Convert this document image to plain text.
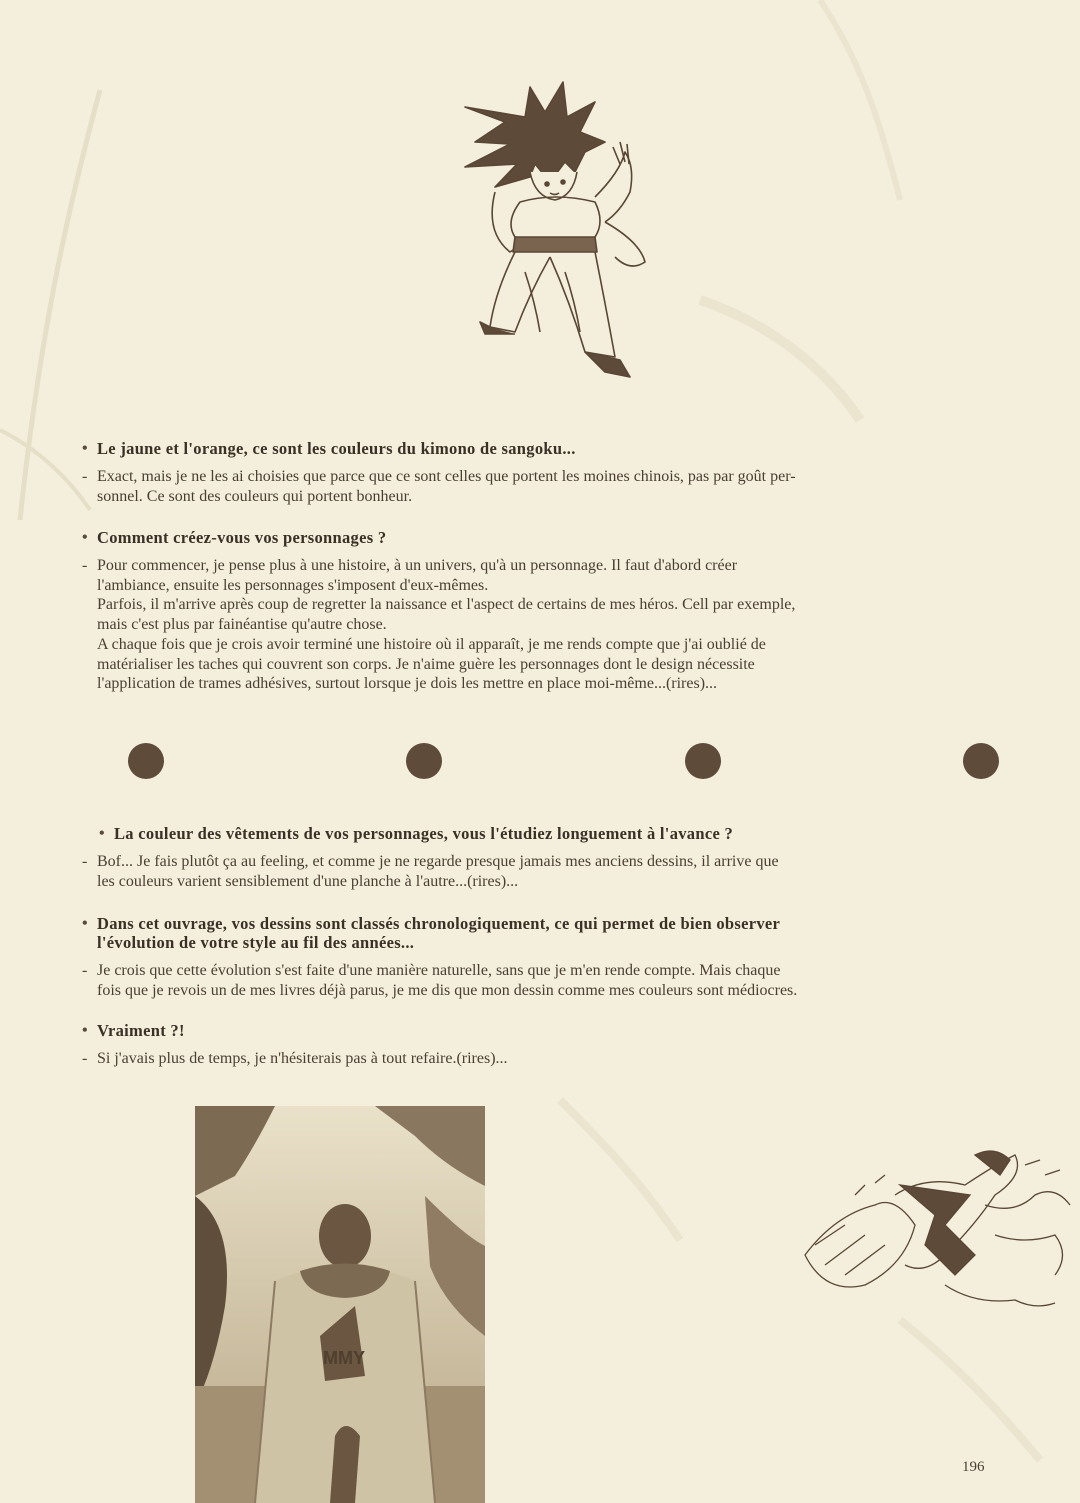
• Le jaune et l'orange, ce sont les couleurs du kimono de sangoku...

- Exact, mais je ne les ai choisies que parce que ce sont celles que portent les moines chinois, pas par goût per-
sonnel. Ce sont des couleurs qui portent bonheur.

• Comment créez-vous vos personnages ?

- Pour commencer, je pense plus à une histoire, à un univers, qu'à un personnage. Il faut d'abord créer
l'ambiance, ensuite les personnages s'imposent d'eux-mêmes.
Parfois, il m'arrive après coup de regretter la naissance et l'aspect de certains de mes héros. Cell par exemple,
mais c'est plus par fainéantise qu'autre chose.
A chaque fois que je crois avoir terminé une histoire où il apparaît, je me rends compte que j'ai oublié de
matérialiser les taches qui couvrent son corps. Je n'aime guère les personnages dont le design nécessite
l'application de trames adhésives, surtout lorsque je dois les mettre en place moi-même...(rires)...

• La couleur des vêtements de vos personnages, vous l'étudiez longuement à l'avance ?

- Bof... Je fais plutôt ça au feeling, et comme je ne regarde presque jamais mes anciens dessins, il arrive que
les couleurs varient sensiblement d'une planche à l'autre...(rires)...

• Dans cet ouvrage, vos dessins sont classés chronologiquement, ce qui permet de bien observer
l'évolution de votre style au fil des années...

- Je crois que cette évolution s'est faite d'une manière naturelle, sans que je m'en rende compte. Mais chaque
fois que je revois un de mes livres déjà parus, je me dis que mon dessin comme mes couleurs sont médiocres.

• Vraiment ?!

- Si j'avais plus de temps, je n'hésiterais pas à tout refaire.(rires)...

MMY
196
